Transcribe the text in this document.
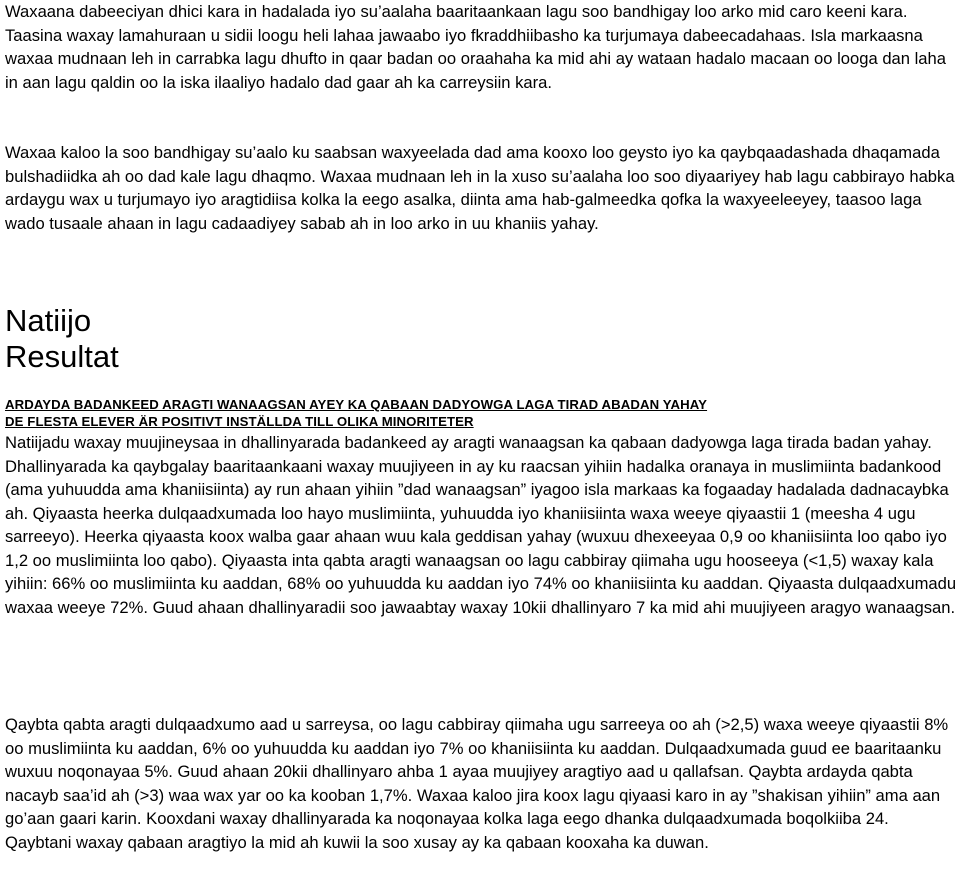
Waxaana dabeeciyan dhici kara in hadalada iyo su’aalaha baaritaankaan lagu soo bandhigay loo arko mid caro keeni kara. Taasina waxay lamahuraan u sidii loogu heli lahaa jawaabo iyo fkraddhiibasho ka turjumaya dabeecadahaas. Isla markaasna waxaa mudnaan leh in carrabka lagu dhufto in qaar badan oo oraahaha ka mid ahi ay wataan hadalo macaan oo looga dan laha in aan lagu qaldin oo la iska ilaaliyo hadalo dad gaar ah ka carreysiin kara.

Waxaa kaloo la soo bandhigay su’aalo ku saabsan waxyeelada dad ama kooxo loo geysto iyo ka qaybqaadashada dhaqamada bulshadiidka ah oo dad kale lagu dhaqmo. Waxaa mudnaan leh in la xuso su’aalaha loo soo diyaariyey hab lagu cabbirayo habka ardaygu wax u turjumayo iyo aragtidiisa kolka la eego asalka, diinta ama hab-galmeedka qofka la waxyeeleeyey, taasoo laga wado tusaale ahaan in lagu cadaadiyey sabab ah in loo arko in uu khaniis yahay.

Natiijo
Resultat
ARDAYDA BADANKEED ARAGTI WANAAGSAN AYEY KA QABAAN DADYOWGA LAGA TIRAD ABADAN YAHAY
DE FLESTA ELEVER ÄR POSITIVT INSTÄLLDA TILL OLIKA MINORITETER

Natiijadu waxay muujineysaa in dhallinyarada badankeed ay aragti wanaagsan ka qabaan dadyowga laga tirada badan yahay. Dhallinyarada ka qaybgalay baaritaankaani waxay muujiyeen in ay ku raacsan yihiin hadalka oranaya in muslimiinta badankood (ama yuhuudda ama khaniisiinta) ay run ahaan yihiin ”dad wanaagsan” iyagoo isla markaas ka fogaaday hadalada dadnacaybka ah. Qiyaasta heerka dulqaadxumada loo hayo muslimiinta, yuhuudda iyo khaniisiinta waxa weeye qiyaastii 1 (meesha 4 ugu sarreeyo). Heerka qiyaasta koox walba gaar ahaan wuu kala geddisan yahay (wuxuu dhexeeyaa 0,9 oo khaniisiinta loo qabo iyo 1,2 oo muslimiinta loo qabo). Qiyaasta inta qabta aragti wanaagsan oo lagu cabbiray qiimaha ugu hooseeya (<1,5) waxay kala yihiin: 66% oo muslimiinta ku aaddan, 68% oo yuhuudda ku aaddan iyo 74% oo khaniisiinta ku aaddan. Qiyaasta dulqaadxumadu waxaa weeye 72%. Guud ahaan dhallinyaradii soo jawaabtay waxay 10kii dhallinyaro 7 ka mid ahi muujiyeen aragyo wanaagsan.

Qaybta qabta aragti dulqaadxumo aad u sarreysa, oo lagu cabbiray qiimaha ugu sarreeya oo ah (>2,5) waxa weeye qiyaastii 8% oo muslimiinta ku aaddan, 6% oo yuhuudda ku aaddan iyo 7% oo khaniisiinta ku aaddan. Dulqaadxumada guud ee baaritaanku wuxuu noqonayaa 5%. Guud ahaan 20kii dhallinyaro ahba 1 ayaa muujiyey aragtiyo aad u qallafsan. Qaybta ardayda qabta nacayb saa’id ah (>3) waa wax yar oo ka kooban 1,7%. Waxaa kaloo jira koox lagu qiyaasi karo in ay ”shakisan yihiin” ama aan go’aan gaari karin. Kooxdani waxay dhallinyarada ka noqonayaa kolka laga eego dhanka dulqaadxumada boqolkiiba 24. Qaybtani waxay qabaan aragtiyo la mid ah kuwii la soo xusay ay ka qabaan kooxaha ka duwan.
